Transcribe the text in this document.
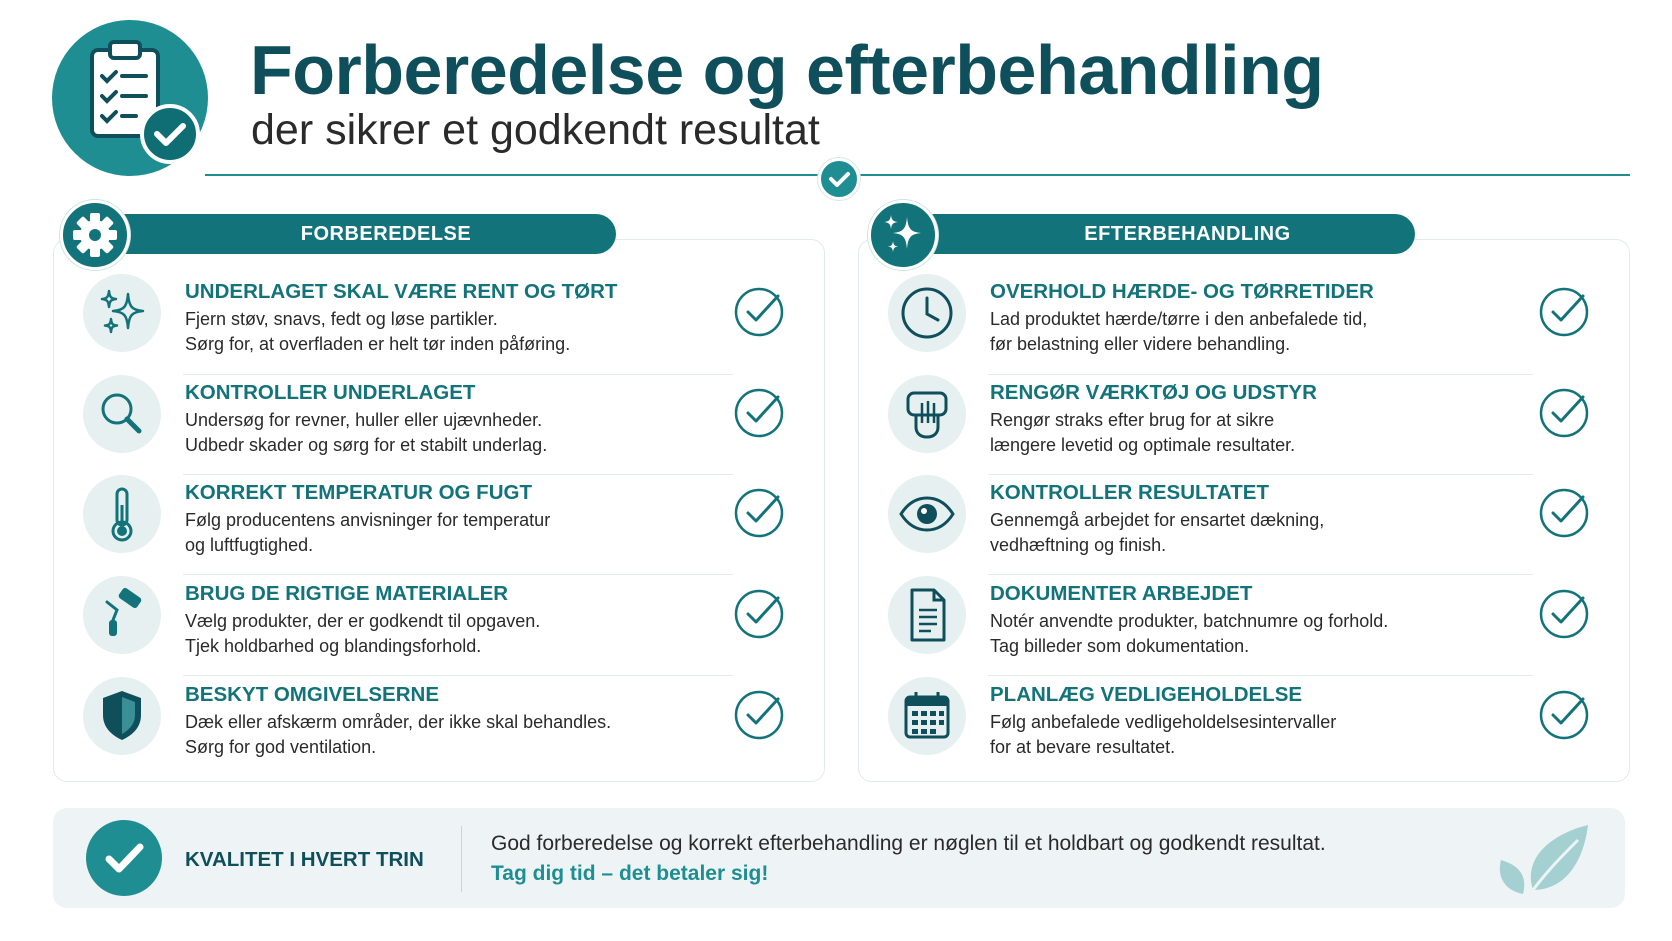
Forberedelse og efterbehandling
der sikrer et godkendt resultat
FORBEREDELSE	EFTERBEHANDLING
UNDERLAGET SKAL VÆRE RENT OG TØRT
Fjern støv, snavs, fedt og løse partikler.
Sørg for, at overfladen er helt tør inden påføring.
KONTROLLER UNDERLAGET
Undersøg for revner, huller eller ujævnheder.
Udbedr skader og sørg for et stabilt underlag.
KORREKT TEMPERATUR OG FUGT
Følg producentens anvisninger for temperatur
og luftfugtighed.
BRUG DE RIGTIGE MATERIALER
Vælg produkter, der er godkendt til opgaven.
Tjek holdbarhed og blandingsforhold.
BESKYT OMGIVELSERNE
Dæk eller afskærm områder, der ikke skal behandles.
Sørg for god ventilation.
OVERHOLD HÆRDE- OG TØRRETIDER
Lad produktet hærde/tørre i den anbefalede tid,
før belastning eller videre behandling.
RENGØR VÆRKTØJ OG UDSTYR
Rengør straks efter brug for at sikre
længere levetid og optimale resultater.
KONTROLLER RESULTATET
Gennemgå arbejdet for ensartet dækning,
vedhæftning og finish.
DOKUMENTER ARBEJDET
Notér anvendte produkter, batchnumre og forhold.
Tag billeder som dokumentation.
PLANLÆG VEDLIGEHOLDELSE
Følg anbefalede vedligeholdelsesintervaller
for at bevare resultatet.
KVALITET I HVERT TRIN
God forberedelse og korrekt efterbehandling er nøglen til et holdbart og godkendt resultat.
Tag dig tid – det betaler sig!
